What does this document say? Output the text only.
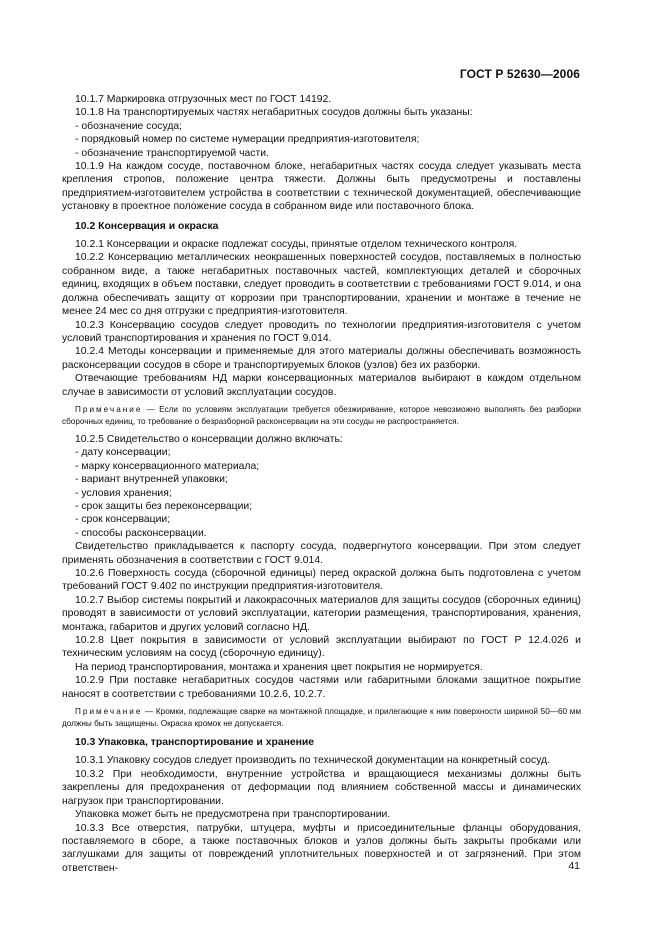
ГОСТ Р 52630—2006

10.1.7 Маркировка отгрузочных мест по ГОСТ 14192.

10.1.8 На транспортируемых частях негабаритных сосудов должны быть указаны:

- обозначение сосуда;

- порядковый номер по системе нумерации предприятия-изготовителя;

- обозначение транспортируемой части.

10.1.9 На каждом сосуде, поставочном блоке, негабаритных частях сосуда следует указывать места крепления стропов, положение центра тяжести. Должны быть предусмотрены и поставлены предприятием-изготовителем устройства в соответствии с технической документацией, обеспечивающие установку в проектное положение сосуда в собранном виде или поставочного блока.

10.2 Консервация и окраска

10.2.1 Консервации и окраске подлежат сосуды, принятые отделом технического контроля.

10.2.2 Консервацию металлических неокрашенных поверхностей сосудов, поставляемых в полностью собранном виде, а также негабаритных поставочных частей, комплектующих деталей и сборочных единиц, входящих в объем поставки, следует проводить в соответствии с требованиями ГОСТ 9.014, и она должна обеспечивать защиту от коррозии при транспортировании, хранении и монтаже в течение не менее 24 мес со дня отгрузки с предприятия-изготовителя.

10.2.3 Консервацию сосудов следует проводить по технологии предприятия-изготовителя с учетом условий транспортирования и хранения по ГОСТ 9.014.

10.2.4 Методы консервации и применяемые для этого материалы должны обеспечивать возможность расконсервации сосудов в сборе и транспортируемых блоков (узлов) без их разборки.

Отвечающие требованиям НД марки консервационных материалов выбирают в каждом отдельном случае в зависимости от условий эксплуатации сосудов.

Примечание — Если по условиям эксплуатации требуется обезжиривание, которое невозможно выполнять без разборки сборочных единиц, то требование о безразборной расконсервации на эти сосуды не распространяется.

10.2.5 Свидетельство о консервации должно включать:

- дату консервации;

- марку консервационного материала;

- вариант внутренней упаковки;

- условия хранения;

- срок защиты без переконсервации;

- срок консервации;

- способы расконсервации.

Свидетельство прикладывается к паспорту сосуда, подвергнутого консервации. При этом следует применять обозначения в соответствии с ГОСТ 9.014.

10.2.6 Поверхность сосуда (сборочной единицы) перед окраской должна быть подготовлена с учетом требований ГОСТ 9.402 по инструкции предприятия-изготовителя.

10.2.7 Выбор системы покрытий и лакокрасочных материалов для защиты сосудов (сборочных единиц) проводят в зависимости от условий эксплуатации, категории размещения, транспортирования, хранения, монтажа, габаритов и других условий согласно НД.

10.2.8 Цвет покрытия в зависимости от условий эксплуатации выбирают по ГОСТ Р 12.4.026 и техническим условиям на сосуд (сборочную единицу).

На период транспортирования, монтажа и хранения цвет покрытия не нормируется.

10.2.9 При поставке негабаритных сосудов частями или габаритными блоками защитное покрытие наносят в соответствии с требованиями 10.2.6, 10.2.7.

Примечание — Кромки, подлежащие сварке на монтажной площадке, и прилегающие к ним поверхности шириной 50—60 мм должны быть защищены. Окраска кромок не допускается.

10.3 Упаковка, транспортирование и хранение

10.3.1 Упаковку сосудов следует производить по технической документации на конкретный сосуд.

10.3.2 При необходимости, внутренние устройства и вращающиеся механизмы должны быть закреплены для предохранения от деформации под влиянием собственной массы и динамических нагрузок при транспортировании.

Упаковка может быть не предусмотрена при транспортировании.

10.3.3 Все отверстия, патрубки, штуцера, муфты и присоединительные фланцы оборудования, поставляемого в сборе, а также поставочных блоков и узлов должны быть закрыты пробками или заглушками для защиты от повреждений уплотнительных поверхностей и от загрязнений. При этом ответствен-	41
